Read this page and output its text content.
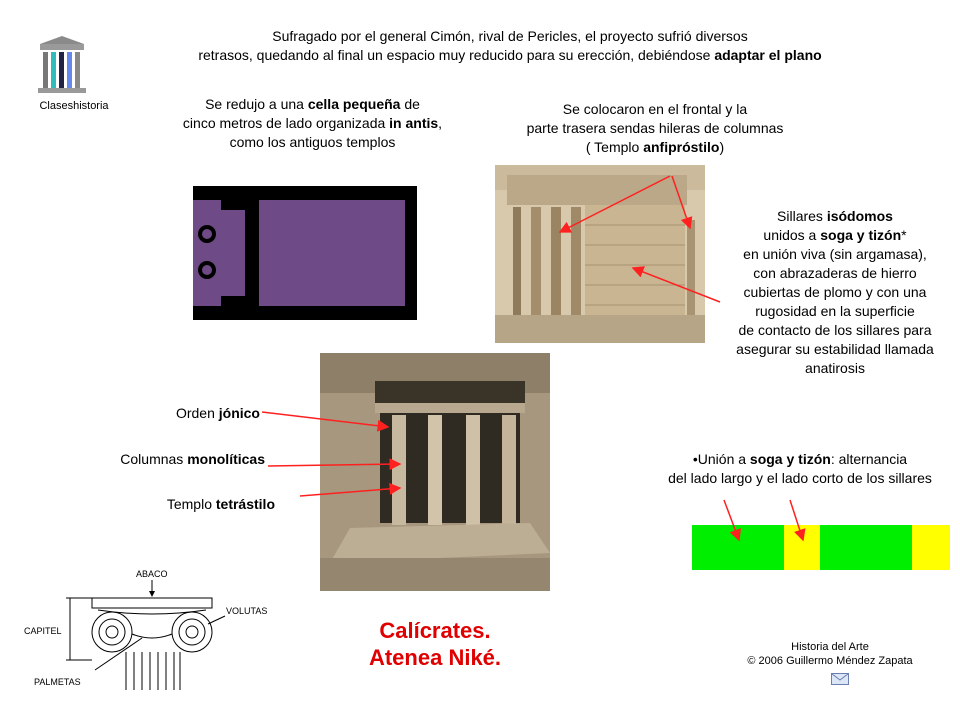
Claseshistoria
Sufragado por el general Cimón, rival de Pericles, el proyecto sufrió diversos
retrasos, quedando al final un espacio muy reducido para su erección, debiéndose adaptar el plano
Se redujo a una cella pequeña de
cinco metros de lado organizada in antis,
como los antiguos templos
Se colocaron en el frontal y la
parte trasera sendas hileras de columnas
( Templo anfipróstilo)
Sillares isódomos
unidos a soga y tizón*
en unión viva (sin argamasa),
con abrazaderas de hierro
cubiertas de plomo y con una
rugosidad en la superficie
de contacto de los sillares para
asegurar su estabilidad llamada
anatirosis
Orden jónico
Columnas monolíticas
Templo tetrástilo
•Unión a soga y tizón: alternancia
del lado largo y el lado corto de los sillares
ABACO
CAPITEL
VOLUTAS
PALMETAS
Calícrates.
Atenea Niké.	Historia del Arte
© 2006 Guillermo Méndez Zapata
